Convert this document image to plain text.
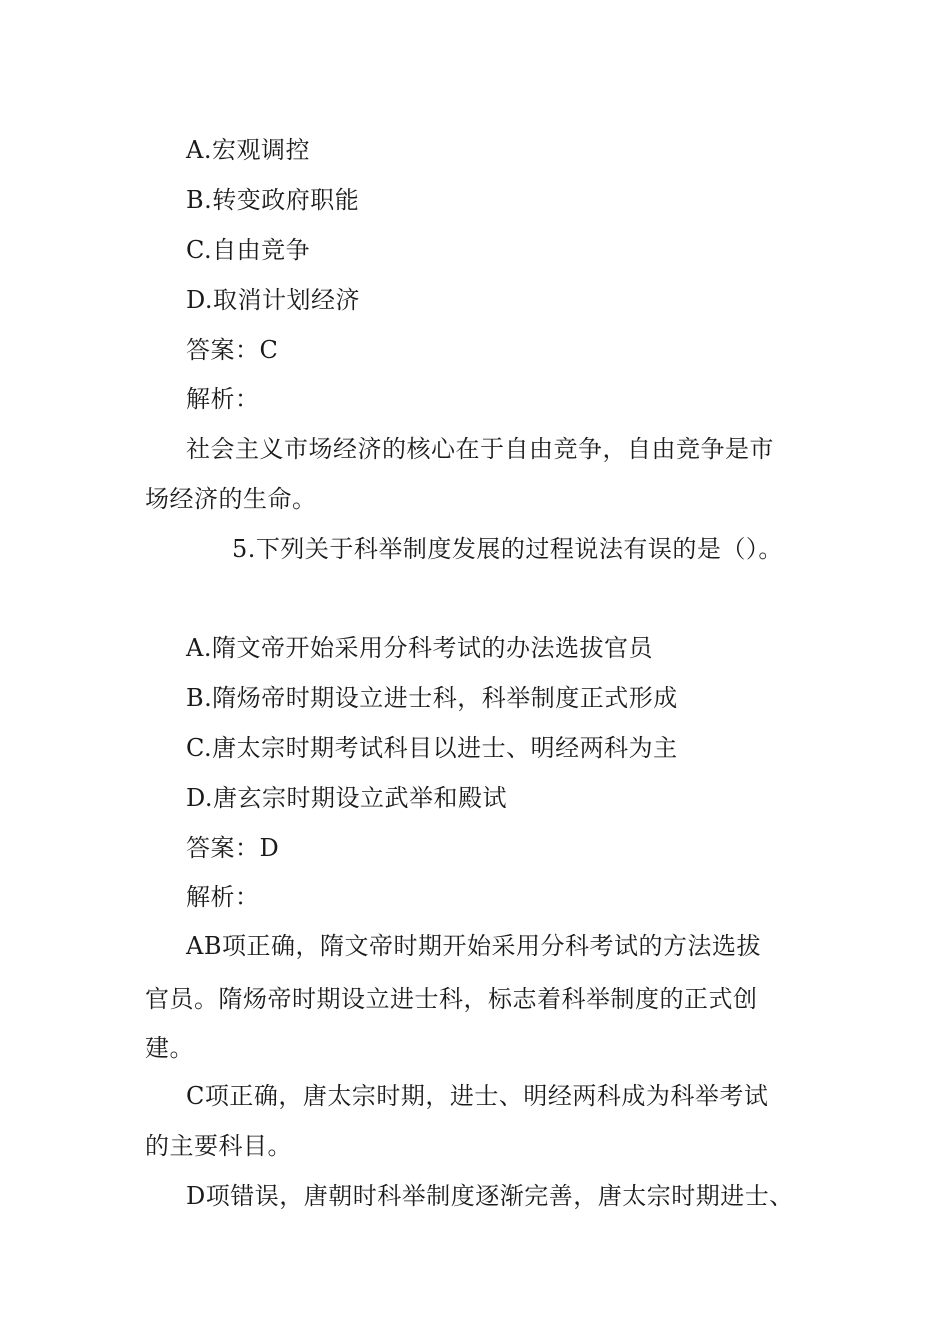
A.宏观调控
B.转变政府职能
C.自由竞争
D.取消计划经济
答案：C
解析：
社会主义市场经济的核心在于自由竞争，自由竞争是市
场经济的生命。
5.下列关于科举制度发展的过程说法有误的是（）。
A.隋文帝开始采用分科考试的办法选拔官员
B.隋炀帝时期设立进士科，科举制度正式形成
C.唐太宗时期考试科目以进士、明经两科为主
D.唐玄宗时期设立武举和殿试
答案：D
解析：
AB项正确，隋文帝时期开始采用分科考试的方法选拔
官员。隋炀帝时期设立进士科，标志着科举制度的正式创
建。
C项正确，唐太宗时期，进士、明经两科成为科举考试
的主要科目。
D项错误，唐朝时科举制度逐渐完善，唐太宗时期进士、
